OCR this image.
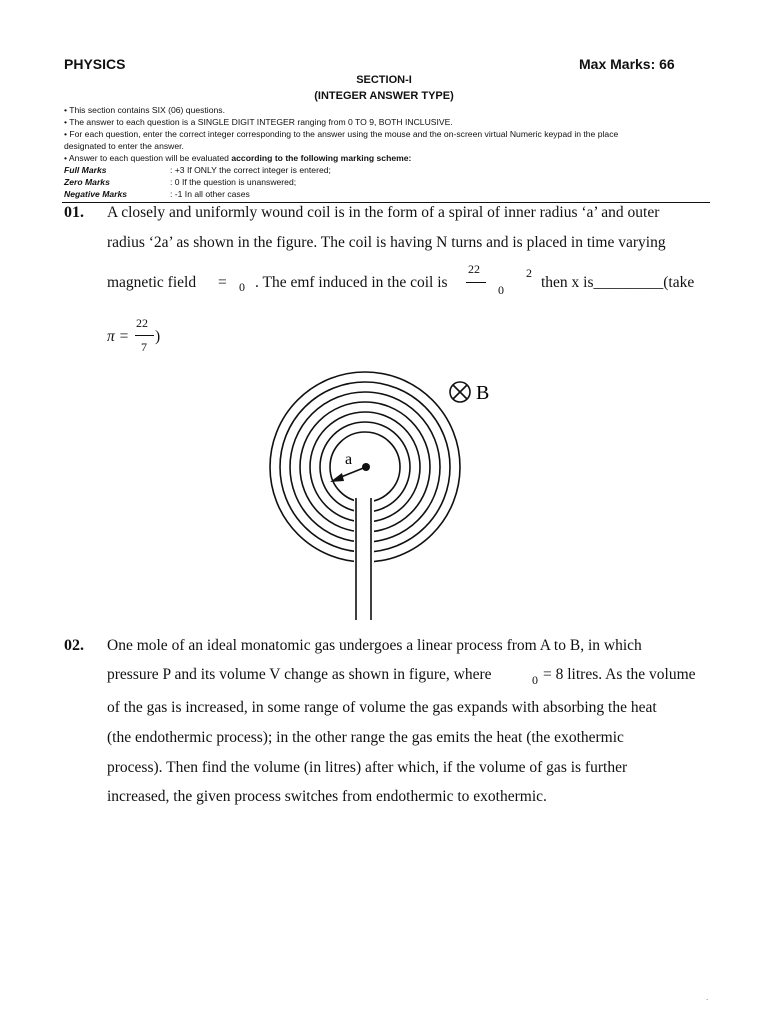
PHYSICS	Max Marks: 66
SECTION-I
(INTEGER ANSWER TYPE)
• This section contains SIX (06) questions.
• The answer to each question is a SINGLE DIGIT INTEGER ranging from 0 TO 9, BOTH INCLUSIVE.
• For each question, enter the correct integer corresponding to the answer using the mouse and the on-screen virtual Numeric keypad in the place
designated to enter the answer.
• Answer to each question will be evaluated according to the following marking scheme:
Full Marks	: +3 If ONLY the correct integer is entered;
Zero Marks	: 0 If the question is unanswered;
Negative Marks	: -1 In all other cases
01. A closely and uniformly wound coil is in the form of a spiral of inner radius ‘a’ and outer
radius ‘2a’ as shown in the figure. The coil is having N turns and is placed in time varying
magnetic field = 0 . The emf induced in the coil is
22
0
2
then x is_________(take
π =
22
7
)
a
B
02. One mole of an ideal monatomic gas undergoes a linear process from A to B, in which
pressure P and its volume V change as shown in figure, where	0 = 8 litres. As the volume
of the gas is increased, in some range of volume the gas expands with absorbing the heat
(the endothermic process); in the other range the gas emits the heat (the exothermic
process). Then find the volume (in litres) after which, if the volume of gas is further
increased, the given process switches from endothermic to exothermic.
.
